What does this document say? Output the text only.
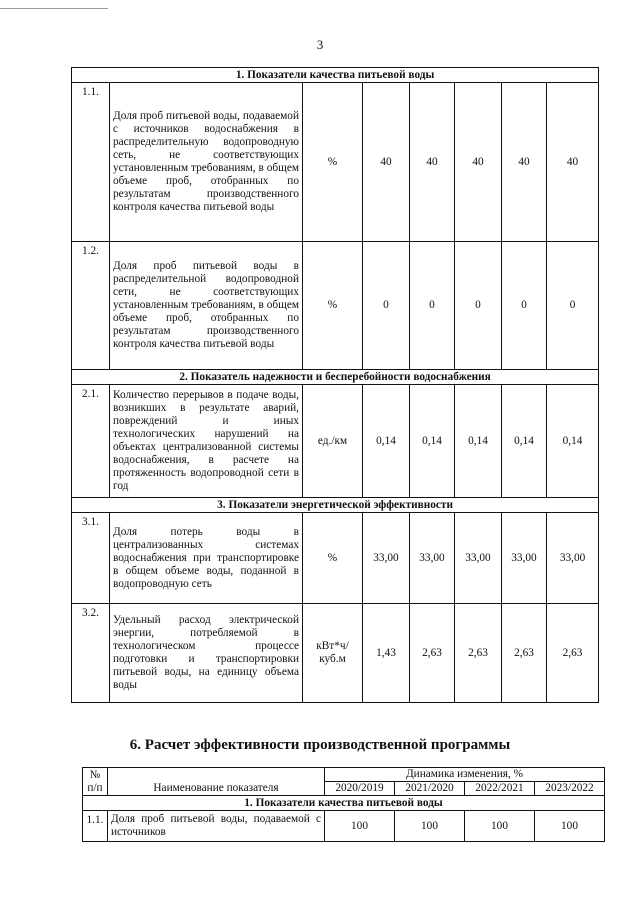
3
1. Показатели качества питьевой воды							
1.1.	Доля проб питьевой воды, подаваемой с источников водоснабжения в распределительную водопроводную сеть, не соответствующих установленным требованиям, в общем объеме проб, отобранных по результатам производственного контроля качества питьевой воды	%	40	40	40	40	40
1.2.	Доля проб питьевой воды в распределительной водопроводной сети, не соответствующих установленным требованиям, в общем объеме проб, отобранных по результатам производственного контроля качества питьевой воды	%	0	0	0	0	0
2. Показатель надежности и бесперебойности водоснабжения							
2.1.	Количество перерывов в подаче воды, возникших в результате аварий, повреждений и иных технологических нарушений на объектах централизованной системы водоснабжения, в расчете на протяженность водопроводной сети в год	ед./км	0,14	0,14	0,14	0,14	0,14
3. Показатели энергетической эффективности							
3.1.	Доля потерь воды в централизованных системах водоснабжения при транспортировке в общем объеме воды, поданной в водопроводную сеть	%	33,00	33,00	33,00	33,00	33,00
3.2.	Удельный расход электрической энергии, потребляемой в технологическом процессе подготовки и транспортировки питьевой воды, на единицу объема воды	кВт*ч/ куб.м	1,43	2,63	2,63	2,63	2,63
6. Расчет эффективности производственной программы
№ п/п	Наименование показателя	Динамика изменения, %			
		2020/2019	2021/2020	2022/2021	2023/2022
1. Показатели качества питьевой воды					
1.1.	Доля проб питьевой воды, подаваемой с источников	100	100	100	100
